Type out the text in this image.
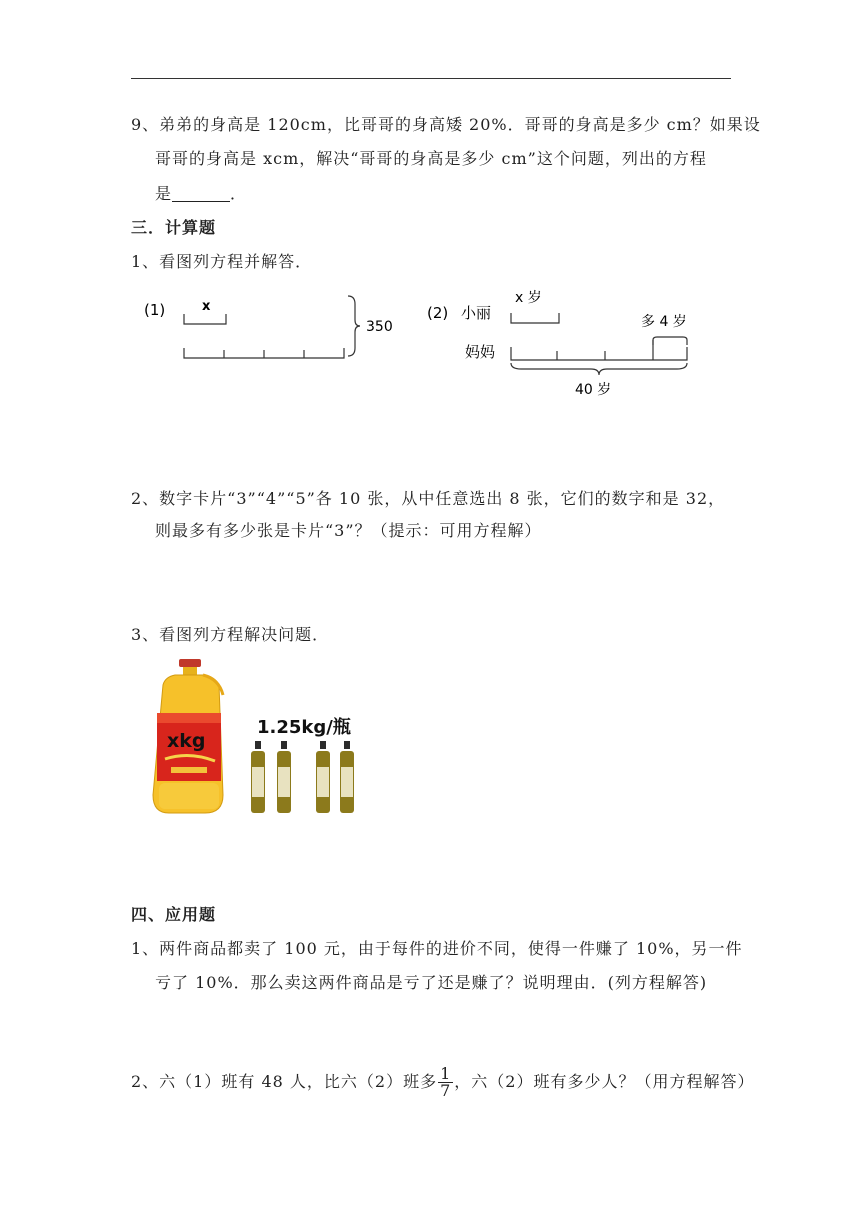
9、弟弟的身高是 120cm，比哥哥的身高矮 20%．哥哥的身高是多少 cm？如果设
哥哥的身高是 xcm，解决“哥哥的身高是多少 cm”这个问题，列出的方程
是	．
三．计算题
1、看图列方程并解答．
(1)	x
350
(2) 小丽
x 岁
妈妈
多 4 岁
40 岁
2、数字卡片“3”“4”“5”各 10 张，从中任意选出 8 张，它们的数字和是 32，
则最多有多少张是卡片“3”？（提示：可用方程解）
3、看图列方程解决问题．
xkg
1.25kg/瓶
四、应用题
1、两件商品都卖了 100 元，由于每件的进价不同，使得一件赚了 10%，另一件
亏了 10%．那么卖这两件商品是亏了还是赚了？说明理由．(列方程解答)
2、六（1）班有 48 人，比六（2）班多 $\frac{1}{7}$ ，六（2）班有多少人？（用方程解答）
